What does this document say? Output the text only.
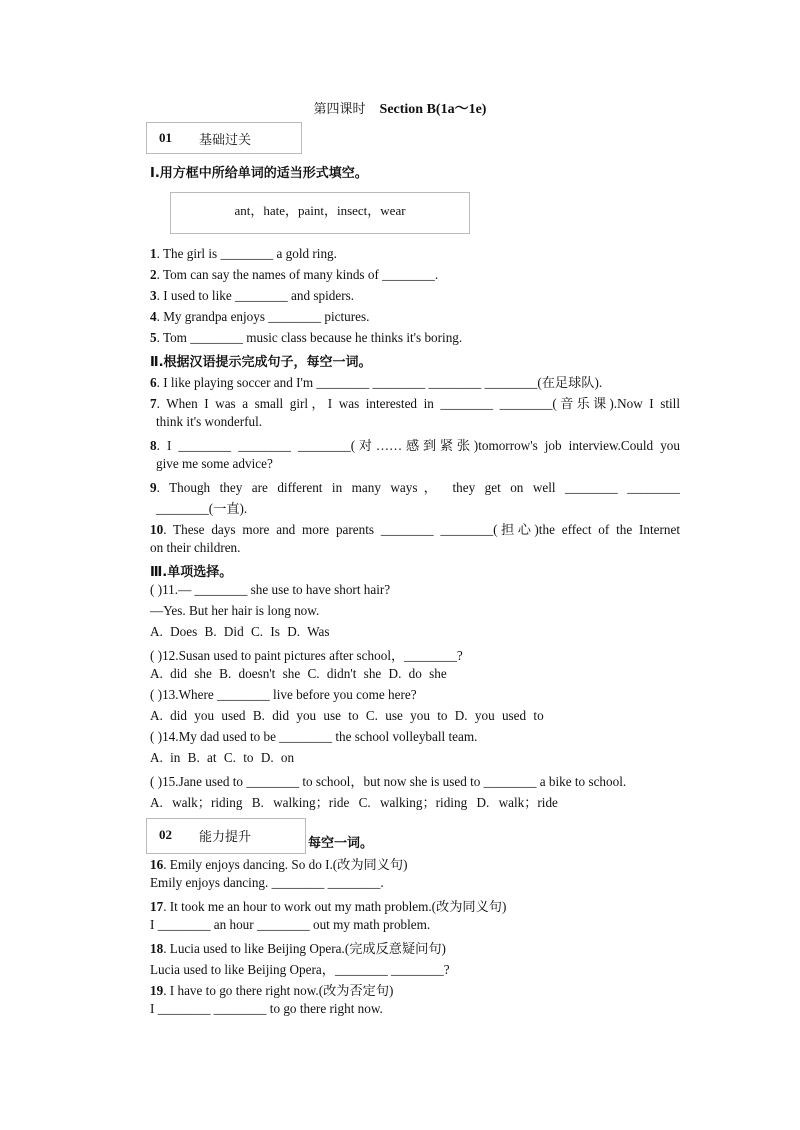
第四课时 Section B(1a～1e)
01 基础过关
Ⅰ.用方框中所给单词的适当形式填空。
ant，hate，paint，insect，wear
1. The girl is ________ a gold ring.
2. Tom can say the names of many kinds of ________.
3. I used to like ________ and spiders.
4. My grandpa enjoys ________ pictures.
5. Tom ________ music class because he thinks it's boring.
Ⅱ.根据汉语提示完成句子，每空一词。
6. I like playing soccer and I'm ________ ________ ________ ________(在足球队).
7. When I was a small girl，I was interested in ________ ________(音乐课).Now I still
think it's wonderful.
8. I ________ ________ ________(对……感到紧张)tomorrow's job interview.Could you
give me some advice?
9. Though they are different in many ways， they get on well ________ ________
________(一直).
10. These days more and more parents ________ ________(担心)the effect of the Internet
on their children.
Ⅲ.单项选择。
( )11.— ________ she use to have short hair?
—Yes. But her hair is long now.
A. Does B. Did C. Is D. Was
( )12.Susan used to paint pictures after school，________?
A. did she B. doesn't she C. didn't she D. do she
( )13.Where ________ live before you come here?
A. did you used B. did you use to C. use you to D. you used to
( )14.My dad used to be ________ the school volleyball team.
A. in B. at C. to D. on
( )15.Jane used to ________ to school，but now she is used to ________ a bike to school.
A. walk；riding B. walking；ride C. walking；riding D. walk；ride
每空一词。
02 能力提升
16. Emily enjoys dancing. So do I.(改为同义句)
Emily enjoys dancing. ________ ________.
17. It took me an hour to work out my math problem.(改为同义句)
I ________ an hour ________ out my math problem.
18. Lucia used to like Beijing Opera.(完成反意疑问句)
Lucia used to like Beijing Opera，________ ________?
19. I have to go there right now.(改为否定句)
I ________ ________ to go there right now.
